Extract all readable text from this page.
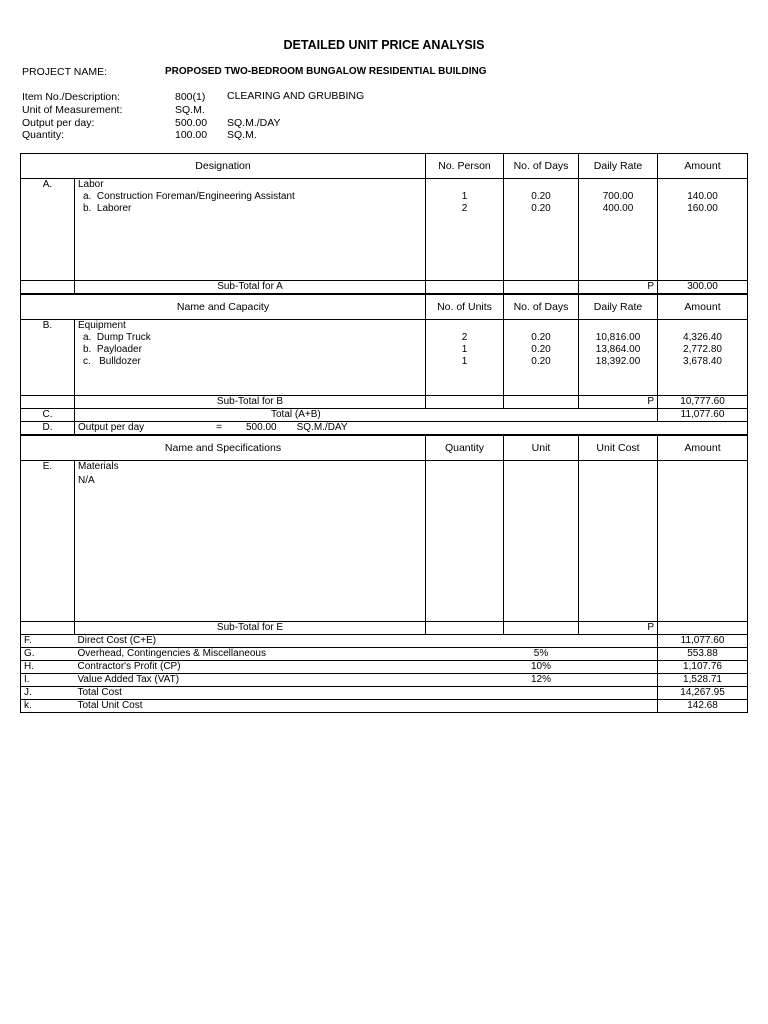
DETAILED UNIT PRICE ANALYSIS
PROJECT NAME:	PROPOSED TWO-BEDROOM BUNGALOW RESIDENTIAL BUILDING
Item No./Description:	800(1) CLEARING AND GRUBBING
Unit of Measurement:	SQ.M.
Output per day:	500.00 SQ.M./DAY
Quantity:	100.00 SQ.M.
Designation		No. Person	No. of Days	Daily Rate	Amount
A.	Labor				
	a. Construction Foreman/Engineering Assistant	1	0.20	700.00	140.00
	b. Laborer	2	0.20	400.00	160.00

	Sub-Total for A			P	300.00
Name and Capacity		No. of Units	No. of Days	Daily Rate	Amount
B.	Equipment				
	a. Dump Truck	2	0.20	10,816.00	4,326.40
	b. Payloader	1	0.20	13,864.00	2,772.80
	c. Bulldozer	1	0.20	18,392.00	3,678.40

	Sub-Total for B			P	10,777.60
C.	Total (A+B)				11,077.60
D.	Output per day = 500.00 SQ.M./DAY				
Name and Specifications		Quantity	Unit	Unit Cost	Amount
E.	Materials				
	N/A				

	Sub-Total for E			P	
F.	Direct Cost (C+E)				11,077.60
G.	Overhead, Contingencies & Miscellaneous		5%		553.88
H.	Contractor's Profit (CP)		10%		1,107.76
I.	Value Added Tax (VAT)		12%		1,528.71
J.	Total Cost				14,267.95
k.	Total Unit Cost				142.68
